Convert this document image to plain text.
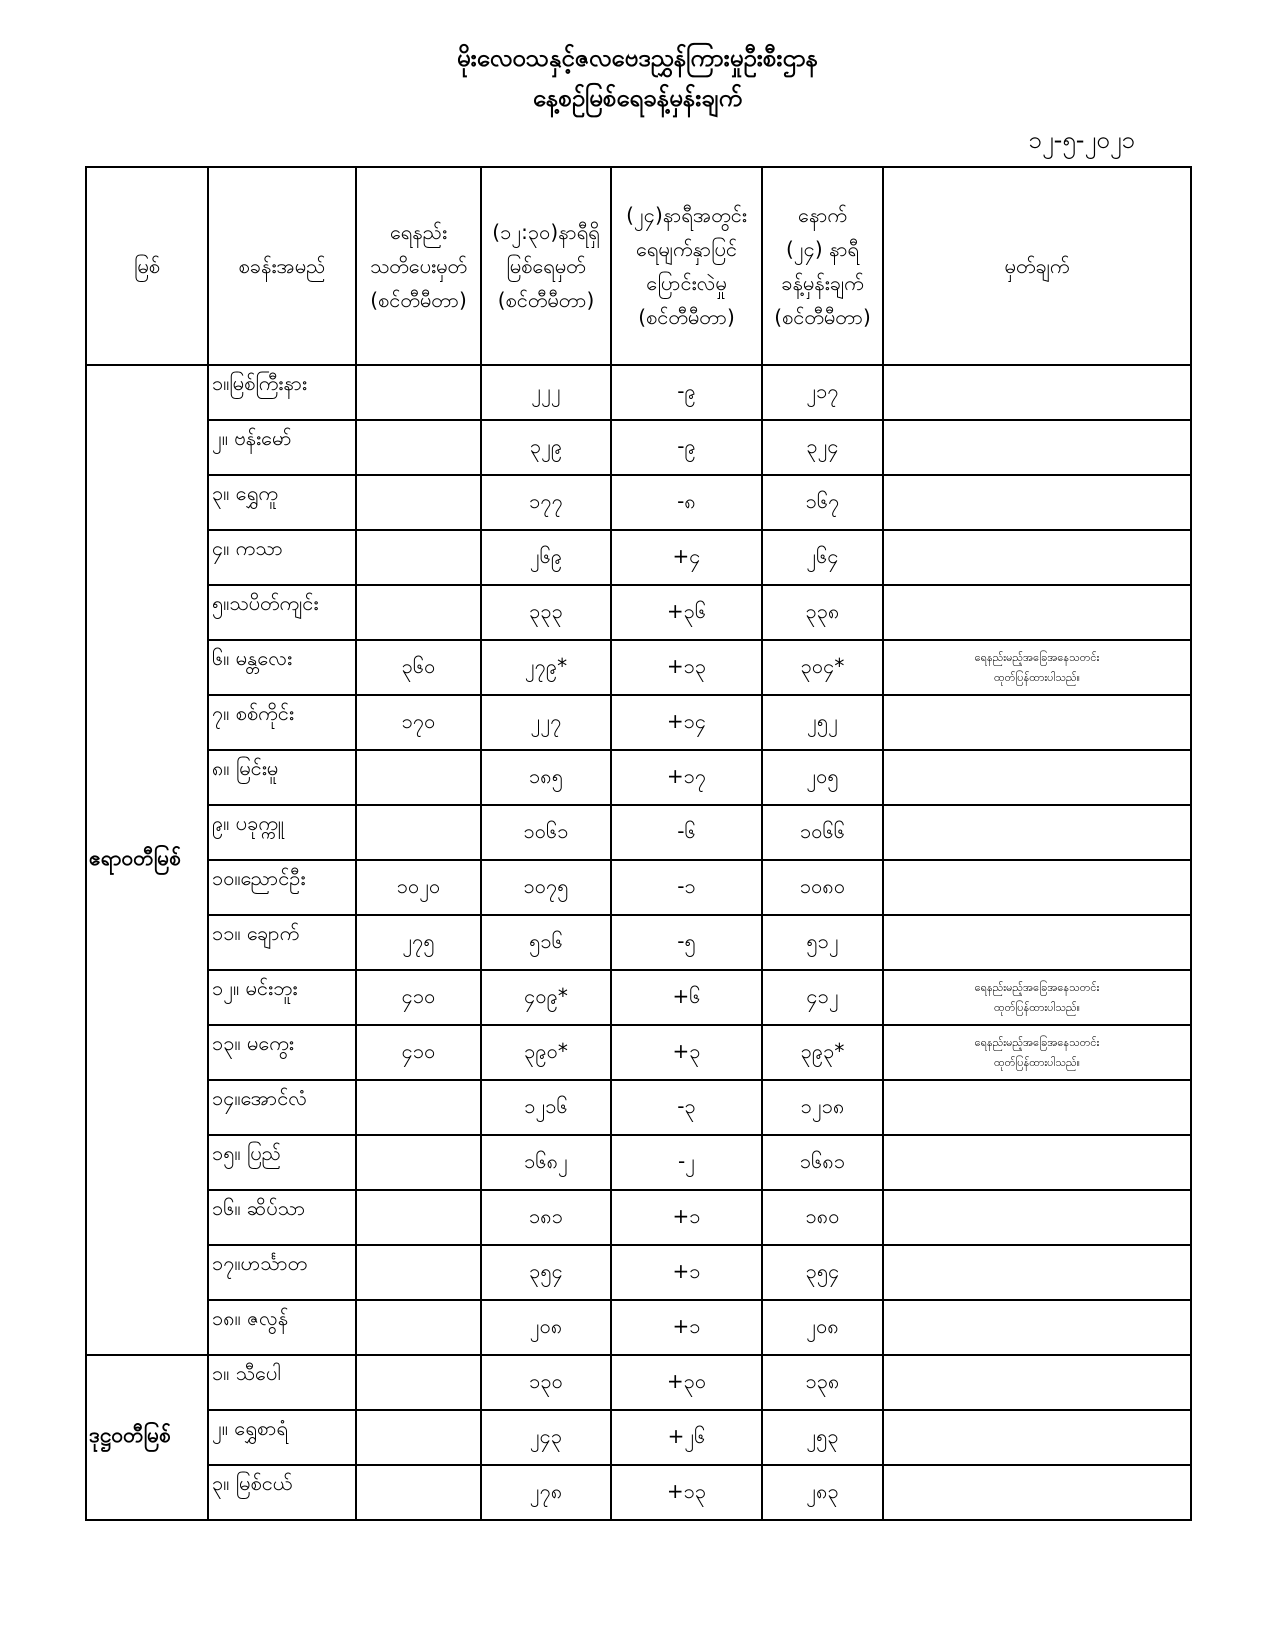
မိုးလေဝသနှင့်ဇလဗေဒညွှန်ကြားမှုဦးစီးဌာန
နေ့စဉ်မြစ်ရေခန့်မှန်းချက်
၁၂-၅-၂၀၂၁
မြစ်	စခန်းအမည်	ရေနည်း
သတိပေးမှတ်
(စင်တီမီတာ)	(၁၂:၃၀)နာရီရှိ
မြစ်ရေမှတ်
(စင်တီမီတာ)	(၂၄)နာရီအတွင်း
ရေမျက်နှာပြင်
ပြောင်းလဲမှု
(စင်တီမီတာ)	နောက်
(၂၄) နာရီ
ခန့်မှန်းချက်
(စင်တီမီတာ)	မှတ်ချက်
ဧရာဝတီမြစ်	၁။မြစ်ကြီးနား		၂၂၂	-၉	၂၁၇	

	၂။ ဗန်းမော်		၃၂၉	-၉	၃၂၄	

	၃။ ရွှေကူ		၁၇၇	-၈	၁၆၇	

	၄။ ကသာ		၂၆၉	+၄	၂၆၄	

	၅။သပိတ်ကျင်း		၃၃၃	+၃၆	၃၃၈	

	၆။ မန္တလေး	၃၆၀	၂၇၉*	+၁၃	၃၀၄*	ရေနည်းမည့်အခြေအနေသတင်း
ထုတ်ပြန်ထားပါသည်။

	၇။ စစ်ကိုင်း	၁၇၀	၂၂၇	+၁၄	၂၅၂	

	၈။ မြင်းမူ		၁၈၅	+၁၇	၂၀၅	

	၉။ ပခုက္ကူ		၁၀၆၁	-၆	၁၀၆၆	

	၁၀။ညောင်ဦး	၁၀၂၀	၁၀၇၅	-၁	၁၀၈၀	

	၁၁။ ချောက်	၂၇၅	၅၁၆	-၅	၅၁၂	

	၁၂။ မင်းဘူး	၄၁၀	၄၀၉*	+၆	၄၁၂	ရေနည်းမည့်အခြေအနေသတင်း
ထုတ်ပြန်ထားပါသည်။

	၁၃။ မကွေး	၄၁၀	၃၉၀*	+၃	၃၉၃*	ရေနည်းမည့်အခြေအနေသတင်း
ထုတ်ပြန်ထားပါသည်။

	၁၄။အောင်လံ		၁၂၁၆	-၃	၁၂၁၈	

	၁၅။ ပြည်		၁၆၈၂	-၂	၁၆၈၁	

	၁၆။ ဆိပ်သာ		၁၈၁	+၁	၁၈၀	

	၁၇။ဟင်္သာတ		၃၅၄	+၁	၃၅၄	

	၁၈။ ဇလွန်		၂၀၈	+၁	၂၀၈	

ဒုဋ္ဌဝတီမြစ်	၁။ သီပေါ		၁၃၀	+၃၀	၁၃၈	

	၂။ ရွှေစာရံ		၂၄၃	+၂၆	၂၅၃	

	၃။ မြစ်ငယ်		၂၇၈	+၁၃	၂၈၃	
